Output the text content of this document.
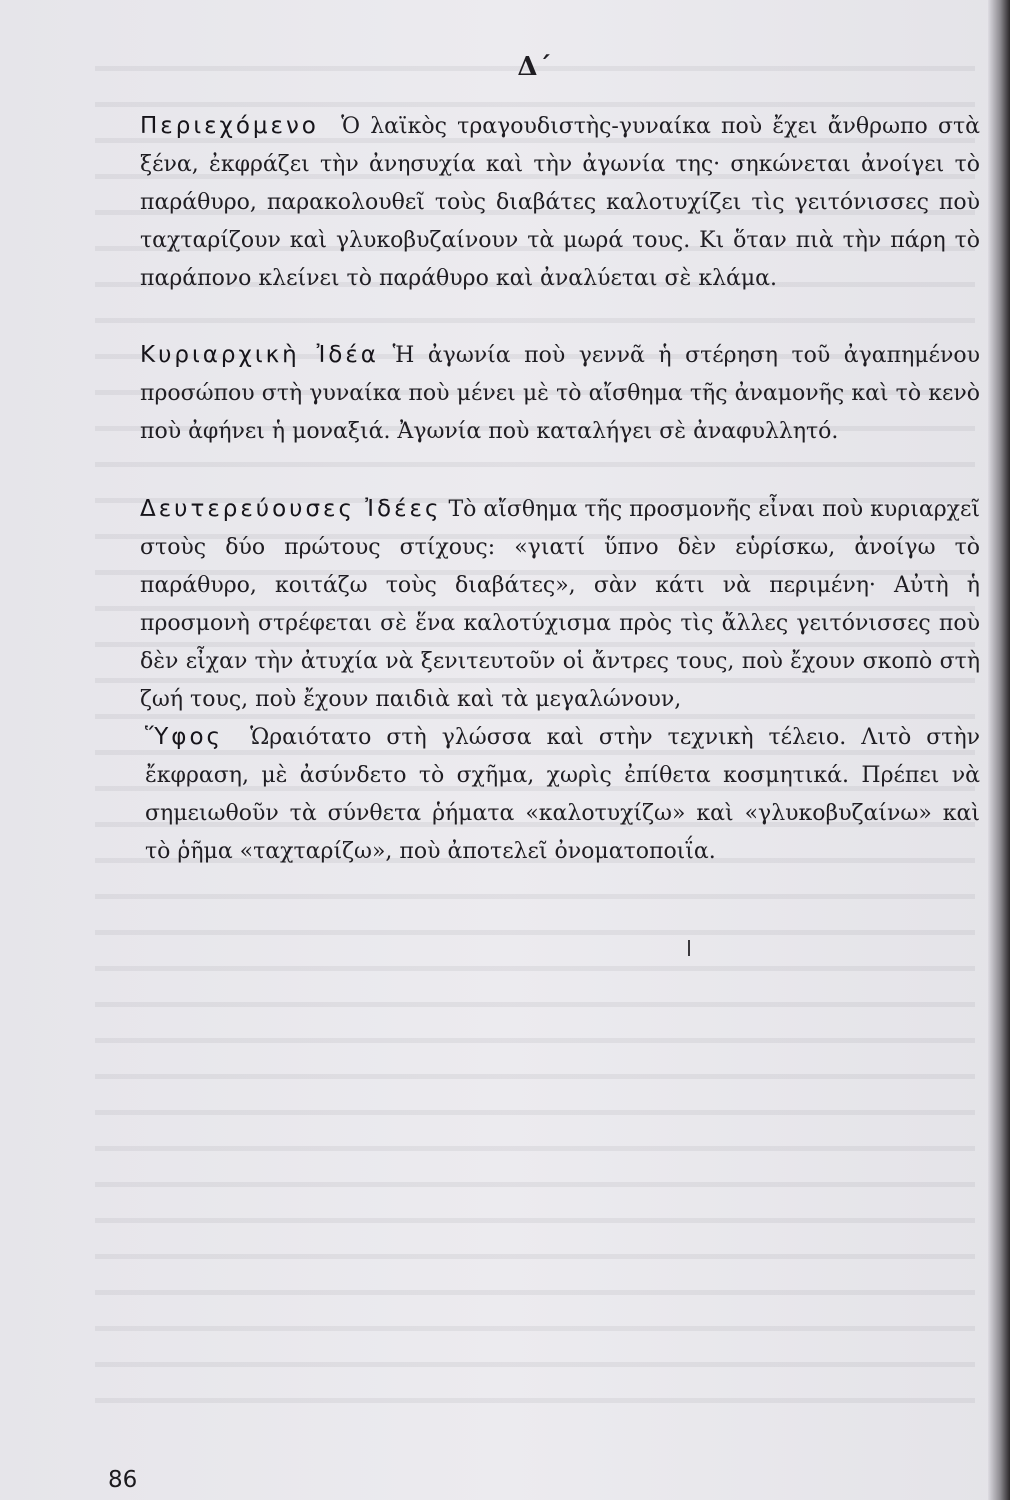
Δ΄
Περιεχόμενο Ὁ λαϊκὸς τραγουδιστὴς-γυναίκα ποὺ ἔχει ἄνθρωπο στὰ ξένα, ἐκφράζει τὴν ἀνησυχία καὶ τὴν ἀγωνία της· σηκώνεται ἀνοίγει τὸ παράθυρο, παρακολουθεῖ τοὺς διαβάτες καλοτυχίζει τὶς γειτόνισσες ποὺ ταχταρίζουν καὶ γλυκοβυζαίνουν τὰ μωρά τους. Κι ὅταν πιὰ τὴν πάρη τὸ παράπονο κλείνει τὸ παράθυρο καὶ ἀναλύεται σὲ κλάμα.
Κυριαρχικὴ Ἰδέα Ἡ ἀγωνία ποὺ γεννᾶ ἡ στέρηση τοῦ ἀγαπημένου προσώπου στὴ γυναίκα ποὺ μένει μὲ τὸ αἴσθημα τῆς ἀναμονῆς καὶ τὸ κενὸ ποὺ ἀφήνει ἡ μοναξιά. Ἀγωνία ποὺ καταλήγει σὲ ἀναφυλλητό.
Δευτερεύουσες Ἰδέες Τὸ αἴσθημα τῆς προσμονῆς εἶναι ποὺ κυριαρχεῖ στοὺς δύο πρώτους στίχους: «γιατί ὕπνο δὲν εὑρίσκω, ἀνοίγω τὸ παράθυρο, κοιτάζω τοὺς διαβάτες», σὰν κάτι νὰ περιμένη· Αὐτὴ ἡ προσμονὴ στρέφεται σὲ ἕνα καλοτύχισμα πρὸς τὶς ἄλλες γειτόνισσες ποὺ δὲν εἶχαν τὴν ἀτυχία νὰ ξενιτευτοῦν οἱ ἄντρες τους, ποὺ ἔχουν σκοπὸ στὴ ζωή τους, ποὺ ἔχουν παιδιὰ καὶ τὰ μεγαλώνουν,
Ὕφος Ὡραιότατο στὴ γλώσσα καὶ στὴν τεχνικὴ τέλειο. Λιτὸ στὴν ἔκφραση, μὲ ἀσύνδετο τὸ σχῆμα, χωρὶς ἐπίθετα κοσμητικά. Πρέπει νὰ σημειωθοῦν τὰ σύνθετα ῥήματα «καλοτυχίζω» καὶ «γλυκοβυζαίνω» καὶ τὸ ῥῆμα «ταχταρίζω», ποὺ ἀποτελεῖ ὀνοματοποιΐα.
86
